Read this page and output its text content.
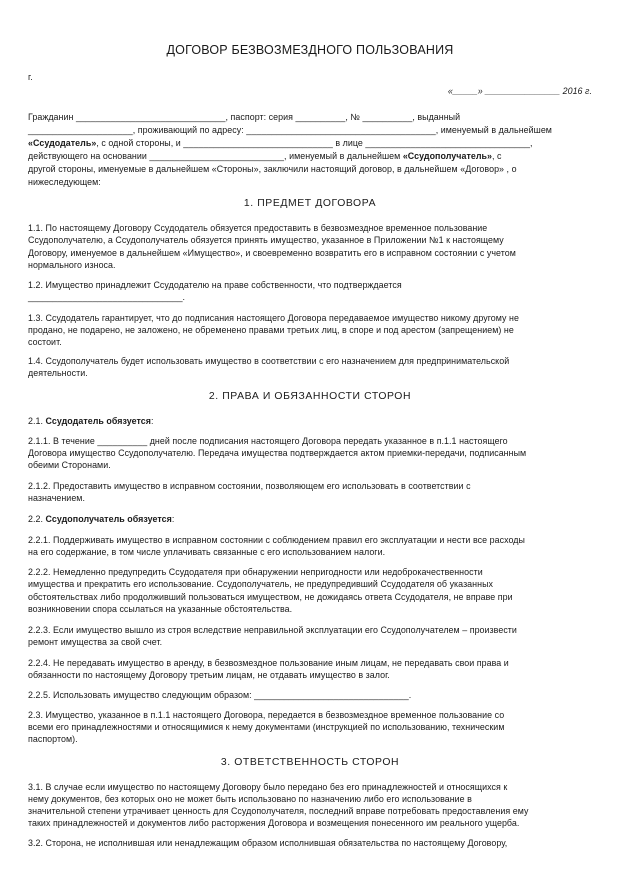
ДОГОВОР БЕЗВОЗМЕЗДНОГО ПОЛЬЗОВАНИЯ
г.
«_____» _______________ 2016 г.
Гражданин ______________________________, паспорт: серия __________, № __________, выданный
_____________________, проживающий по адресу: ______________________________________, именуемый в дальнейшем
«Ссудодатель», с одной стороны, и ______________________________ в лице _________________________________,
действующего на основании ___________________________, именуемый в дальнейшем «Ссудополучатель», с
другой стороны, именуемые в дальнейшем «Стороны», заключили настоящий договор, в дальнейшем «Договор» , о
нижеследующем:
1. ПРЕДМЕТ ДОГОВОРА
1.1. По настоящему Договору Ссудодатель обязуется предоставить в безвозмездное временное пользование
Ссудополучателю, а Ссудополучатель обязуется принять имущество, указанное в Приложении №1 к настоящему
Договору, именуемое в дальнейшем «Имущество», и своевременно возвратить его в исправном состоянии с учетом
нормального износа.
1.2. Имущество принадлежит Ссудодателю на праве собственности, что подтверждается
_______________________________.
1.3. Ссудодатель гарантирует, что до подписания настоящего Договора передаваемое имущество никому другому не
продано, не подарено, не заложено, не обременено правами третьих лиц, в споре и под арестом (запрещением) не
состоит.
1.4. Ссудополучатель будет использовать имущество в соответствии с его назначением для предпринимательской
деятельности.
2. ПРАВА И ОБЯЗАННОСТИ СТОРОН
2.1. Ссудодатель обязуется:
2.1.1. В течение __________ дней после подписания настоящего Договора передать указанное в п.1.1 настоящего
Договора имущество Ссудополучателю. Передача имущества подтверждается актом приемки-передачи, подписанным
обеими Сторонами.
2.1.2. Предоставить имущество в исправном состоянии, позволяющем его использовать в соответствии с
назначением.
2.2. Ссудополучатель обязуется:
2.2.1. Поддерживать имущество в исправном состоянии с соблюдением правил его эксплуатации и нести все расходы
на его содержание, в том числе уплачивать связанные с его использованием налоги.
2.2.2. Немедленно предупредить Ссудодателя при обнаружении непригодности или недоброкачественности
имущества и прекратить его использование. Ссудополучатель, не предупредивший Ссудодателя об указанных
обстоятельствах либо продолживший пользоваться имуществом, не дожидаясь ответа Ссудодателя, не вправе при
возникновении спора ссылаться на указанные обстоятельства.
2.2.3. Если имущество вышло из строя вследствие неправильной эксплуатации его Ссудополучателем – произвести
ремонт имущества за свой счет.
2.2.4. Не передавать имущество в аренду, в безвозмездное пользование иным лицам, не передавать свои права и
обязанности по настоящему Договору третьим лицам, не отдавать имущество в залог.
2.2.5. Использовать имущество следующим образом: _______________________________.
2.3. Имущество, указанное в п.1.1 настоящего Договора, передается в безвозмездное временное пользование со
всеми его принадлежностями и относящимися к нему документами (инструкцией по использованию, техническим
паспортом).
3. ОТВЕТСТВЕННОСТЬ СТОРОН
3.1. В случае если имущество по настоящему Договору было передано без его принадлежностей и относящихся к
нему документов, без которых оно не может быть использовано по назначению либо его использование в
значительной степени утрачивает ценность для Ссудополучателя, последний вправе потребовать предоставления ему
таких принадлежностей и документов либо расторжения Договора и возмещения понесенного им реального ущерба.
3.2. Сторона, не исполнившая или ненадлежащим образом исполнившая обязательства по настоящему Договору,
